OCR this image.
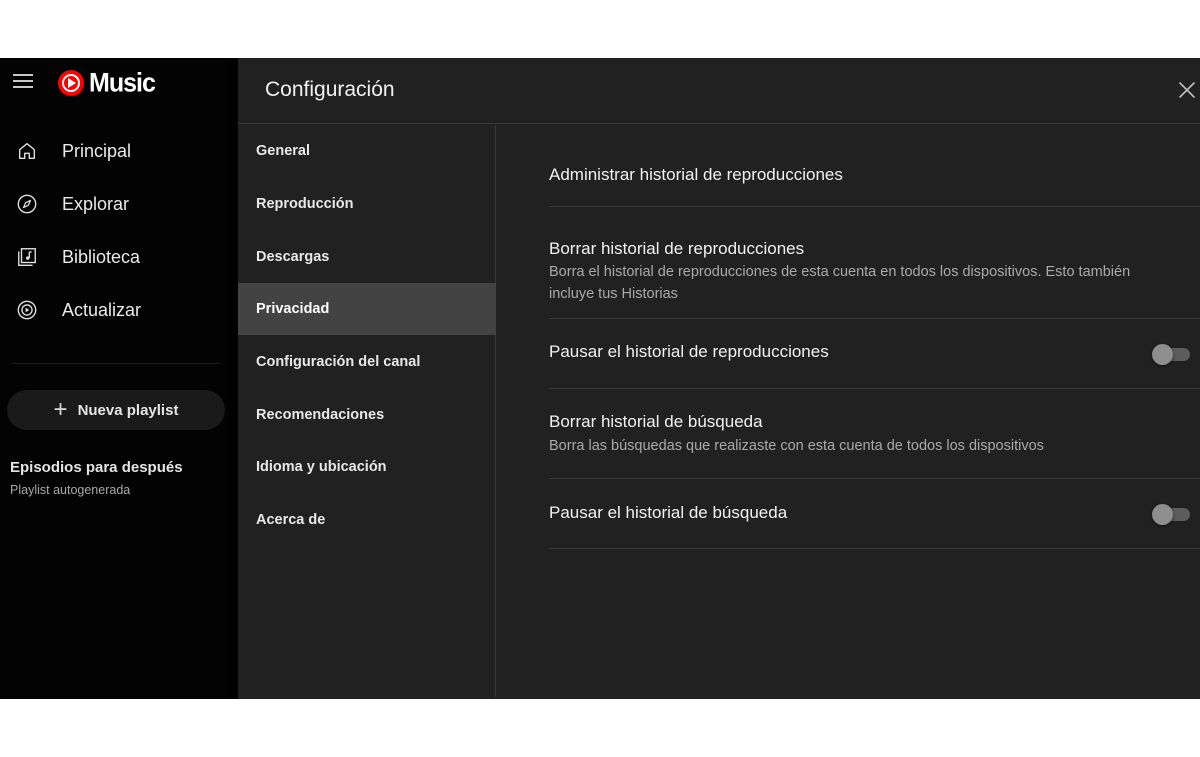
Music
Principal
Explorar
Biblioteca
Actualizar
+ Nueva playlist
Episodios para después
Playlist autogenerada
Configuración
General
Reproducción
Descargas
Privacidad
Configuración del canal
Recomendaciones
Idioma y ubicación
Acerca de
Administrar historial de reproducciones
Borrar historial de reproducciones
Borra el historial de reproducciones de esta cuenta en todos los dispositivos. Esto también incluye tus Historias
Pausar el historial de reproducciones
Borrar historial de búsqueda
Borra las búsquedas que realizaste con esta cuenta de todos los dispositivos
Pausar el historial de búsqueda
